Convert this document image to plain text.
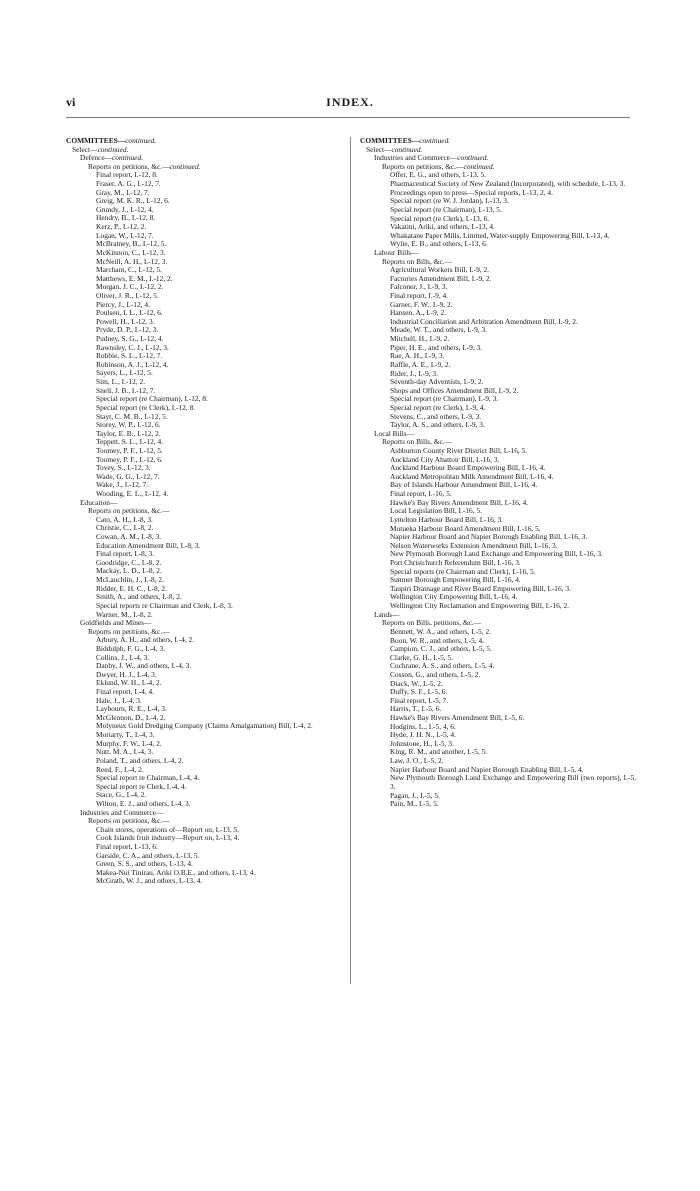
vi	INDEX.
COMMITTEES—continued.
Select—continued.
Defence—continued.
Reports on petitions, &c.—continued.
Final report, I.-12, 8.
Fraser, A. G., I.-12, 7.
Gray, M., I.-12, 7.
Greig, M. K. R., I.-12, 6.
Grundy, J., I.-12, 4.
Hendry, B., I.-12, 8.
Kerz, P., I.-12, 2.
Logan, W., I.-12, 7.
McBratney, B., I.-12, 5.
McKinnon, C., I.-12, 3.
McNeill, A. H., I.-12, 3.
Marchant, C., I.-12, 5.
Matthews, E. M., I.-12, 2.
Morgan, J. C., I.-12, 2.
Oliver, J. R., I.-12, 5.
Piercy, J., I.-12, 4.
Poulsen, I. L., I.-12, 6.
Powell, H., I.-12, 3.
Pryde, D. P., I.-12, 3.
Pudney, S. G., I.-12, 4.
Rawnsley, C. J., I.-12, 3.
Robbie, S. L., I.-12, 7.
Robinson, A. J., I.-12, 4.
Sayers, L., I.-12, 5.
Sim, L., I.-12, 2.
Snell, J. B., I.-12, 7.
Special report (re Chairman), I.-12, 8.
Special report (re Clerk), I.-12, 8.
Stayt, C. M. B., I.-12, 5.
Storey, W. P., I.-12, 6.
Taylor, E. B., I.-12, 2.
Teppett, S. L., I.-12, 4.
Toomey, P. F., I.-12, 5.
Toomey, P. F., I.-12, 6.
Tovey, S., I.-12, 3.
Wade, G. G., I.-12, 7.
Wake, J., I.-12, 7.
Wooding, E. L., I.-12, 4.
Education—
Reports on petitions, &c.—
Cato, A. H., I.-8, 3.
Christie, C., I.-8, 2.
Cowan, A. M., I.-8, 3.
Education Amendment Bill, I.-8, 3.
Final report, I.-8, 3.
Goodridge, C., I.-8, 2.
Mackay, L. D., I.-8, 2.
McLauchlin, J., I.-8, 2.
Ridder, E. H. C., I.-8, 2.
Smith, A., and others, I.-8, 2.
Special reports re Chairman and Clerk, I.-8, 3.
Warner, M., I.-8, 2.
Goldfields and Mines—
Reports on petitions, &c.—
Arbury, A. H., and others, I.-4, 2.
Biddulph, F. G., I.-4, 3.
Collins, J., I.-4, 3.
Danby, J. W., and others, I.-4, 3.
Dwyer, H. J., I.-4, 3.
Eklund, W. H., I.-4, 2.
Final report, I.-4, 4.
Hale, J., I.-4, 3.
Laybourn, R. E., I.-4, 3.
McGlennon, D., I.-4, 2.
Molyneux Gold Dredging Company (Claims Amalgamation) Bill, I.-4, 2.
Moriarty, T., I.-4, 3.
Murphy, F. W., I.-4, 2.
Nutt, M. A., I.-4, 3.
Poland, T., and others, I.-4, 2.
Reed, F., I.-4, 2.
Special report re Chairman, I.-4, 4.
Special report re Clerk, I.-4, 4.
Stace, G., I.-4, 2.
Wilton, E. J., and others, I.-4, 3.
Industries and Commerce—
Reports on petitions, &c.—
Chain stores, operations of—Report on, I.-13, 5.
Cook Islands fruit industry—Report on, I.-13, 4.
Final report, I.-13, 6.
Garside, C. A., and others, I.-13, 5.
Green, S. S., and others, I.-13, 4.
Makea-Nui Tinirau, Ariki O.B.E., and others, I.-13, 4.
McGrath, W. J., and others, I.-13, 4.
COMMITTEES—continued.
Select—continued.
Industries and Commerce—continued.
Reports on petitions, &c.—continued.
Offer, E. G., and others, I.-13, 5.
Pharmaceutical Society of New Zealand (Incorporated), with schedule, I.-13, 3.
Proceedings open to press—Special reports, I.-13, 2, 4.
Special report (re W. J. Jordan), I.-13, 3.
Special report (re Chairman), I.-13, 5.
Special report (re Clerk), I.-13, 6.
Vakatini, Ariki, and others, I.-13, 4.
Whakatane Paper Mills, Limited, Water-supply Empowering Bill, I.-13, 4.
Wylie, E. B., and others, I.-13, 6.
Labour Bills—
Reports on Bills, &c.—
Agricultural Workers Bill, I.-9, 2.
Factories Amendment Bill, I.-9, 2.
Falconer, J., I.-9, 3.
Final report, I.-9, 4.
Garner, F. W., I.-9, 2.
Hansen, A., I.-9, 2.
Industrial Conciliation and Arbitration Amendment Bill, I.-9, 2.
Meade, W. T., and others, I.-9, 3.
Mitchell, H., I.-9, 2.
Piper, H. E., and others, I.-9, 3.
Rae, A. H., I.-9, 3.
Raffle, A. E., I.-9, 2.
Rider, J., I.-9, 3.
Seventh-day Adventists, I.-9, 2.
Shops and Offices Amendment Bill, I.-9, 2.
Special report (re Chairman), I.-9, 3.
Special report (re Clerk), I.-9, 4.
Stevens, C., and others, I.-9, 3.
Taylor, A. S., and others, I.-9, 3.
Local Bills—
Reports on Bills, &c.—
Ashburton County River District Bill, I.-16, 5.
Auckland City Abattoir Bill, I.-16, 3.
Auckland Harbour Board Empowering Bill, I.-16, 4.
Auckland Metropolitan Milk Amendment Bill, I.-16, 4.
Bay of Islands Harbour Amendment Bill, I.-16, 4.
Final report, I.-16, 5.
Hawke's Bay Rivers Amendment Bill, I.-16, 4.
Local Legislation Bill, I.-16, 5.
Lyttelton Harbour Board Bill, I.-16, 3.
Motueka Harbour Board Amendment Bill, I.-16, 5.
Napier Harbour Board and Napier Borough Enabling Bill, I.-16, 3.
Nelson Waterworks Extension Amendment Bill, I.-16, 3.
New Plymouth Borough Land Exchange and Empowering Bill, I.-16, 3.
Port Christchurch Referendum Bill, I.-16, 3.
Special reports (re Chairman and Clerk), I.-16, 5.
Sumner Borough Empowering Bill, I.-16, 4.
Taupiri Drainage and River Board Empowering Bill, I.-16, 3.
Wellington City Empowering Bill, I.-16, 4.
Wellington City Reclamation and Empowering Bill, I.-16, 2.
Lands—
Reports on Bills, petitions, &c.—
Bennett, W. A., and others, I.-5, 2.
Boon, W. R., and others, I.-5, 4.
Campion, C. J., and others, I.-5, 5.
Clarke, G. H., I.-5, 5.
Cochrane, A. S., and others, I.-5, 4.
Cosson, G., and others, I.-5, 2.
Diack, W., I.-5, 2.
Duffy, S. F., I.-5, 6.
Final report, I.-5, 7.
Harris, T., I.-5, 6.
Hawke's Bay Rivers Amendment Bill, I.-5, 6.
Hodgins, L., I.-5, 4, 6.
Hyde, J. H. N., I.-5, 4.
Johnstone, H., I.-5, 3.
King, R. M., and another, I.-5, 5.
Law, J. O., I.-5, 2.
Napier Harbour Board and Napier Borough Enabling Bill, I.-5, 4.
New Plymouth Borough Land Exchange and Empowering Bill (two reports), I.-5, 3.
Pagan, J., I.-5, 5.
Pain, M., I.-5, 5.
